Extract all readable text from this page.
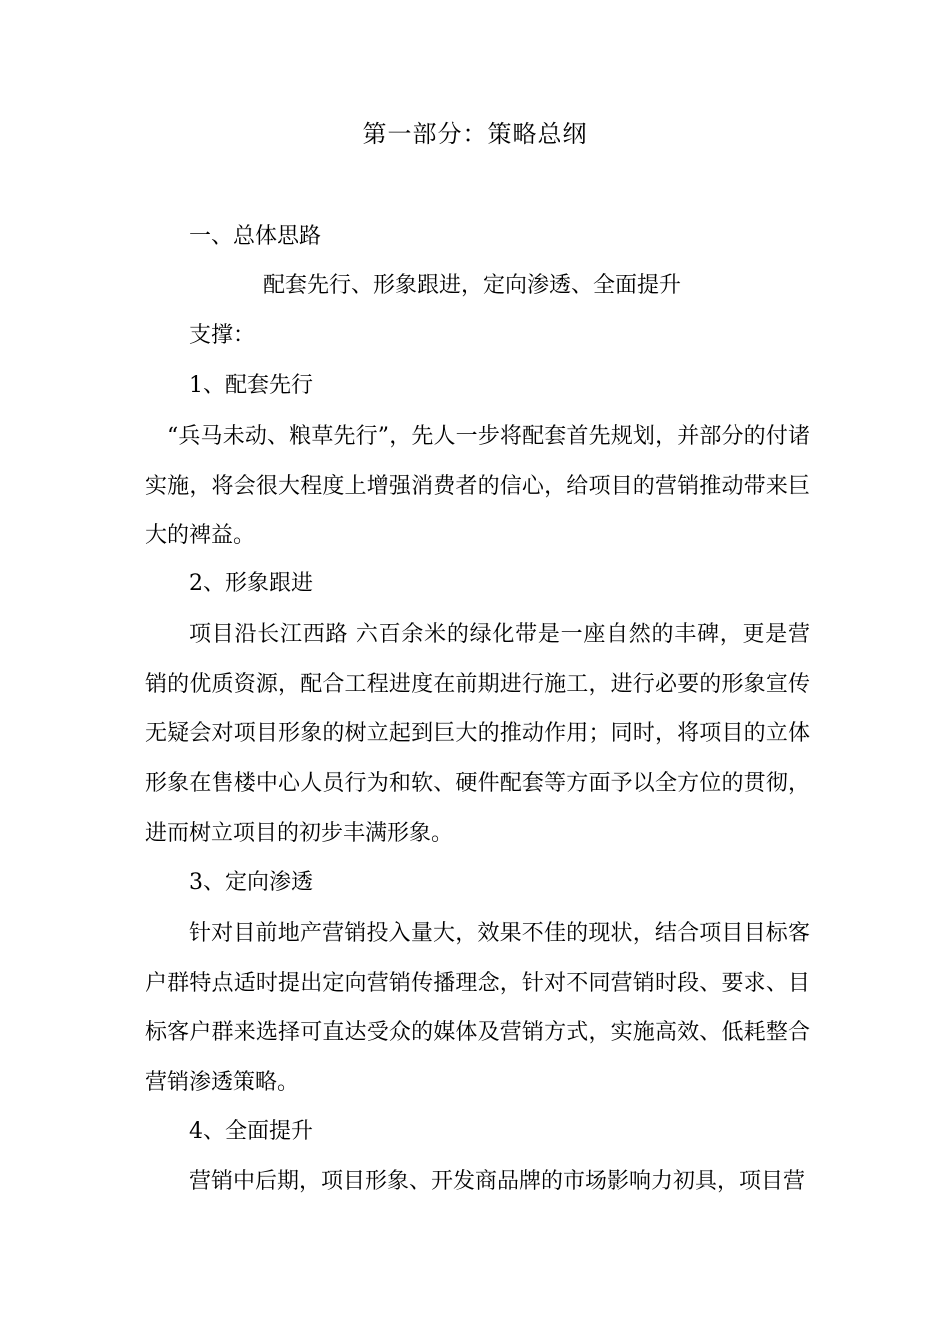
第一部分：策略总纲
一、总体思路
配套先行、形象跟进，定向渗透、全面提升
支撑：
1、配套先行

“兵马未动、粮草先行”，先人一步将配套首先规划，并部分的付诸实施，将会很大程度上增强消费者的信心，给项目的营销推动带来巨大的裨益。

2、形象跟进

项目沿长江西路 六百余米的绿化带是一座自然的丰碑，更是营销的优质资源，配合工程进度在前期进行施工，进行必要的形象宣传无疑会对项目形象的树立起到巨大的推动作用；同时，将项目的立体形象在售楼中心人员行为和软、硬件配套等方面予以全方位的贯彻，进而树立项目的初步丰满形象。

3、定向渗透

针对目前地产营销投入量大，效果不佳的现状，结合项目目标客户群特点适时提出定向营销传播理念，针对不同营销时段、要求、目标客户群来选择可直达受众的媒体及营销方式，实施高效、低耗整合营销渗透策略。

4、全面提升

营销中后期，项目形象、开发商品牌的市场影响力初具，项目营
